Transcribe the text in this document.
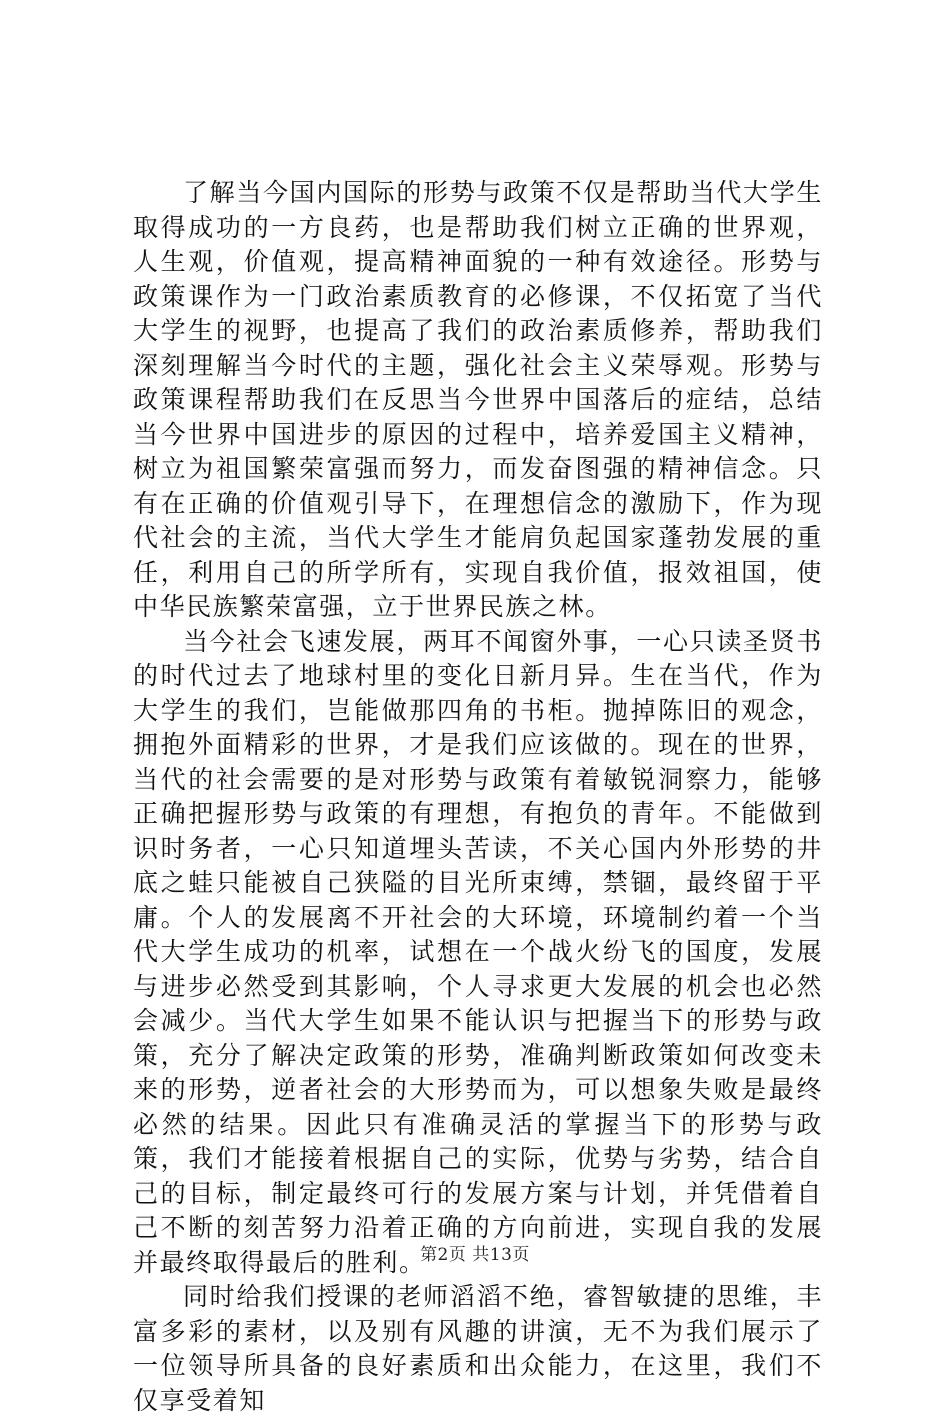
了解当今国内国际的形势与政策不仅是帮助当代大学生取得成功的一方良药，也是帮助我们树立正确的世界观，人生观，价值观，提高精神面貌的一种有效途径。形势与政策课作为一门政治素质教育的必修课，不仅拓宽了当代大学生的视野，也提高了我们的政治素质修养，帮助我们深刻理解当今时代的主题，强化社会主义荣辱观。形势与政策课程帮助我们在反思当今世界中国落后的症结，总结当今世界中国进步的原因的过程中，培养爱国主义精神，树立为祖国繁荣富强而努力，而发奋图强的精神信念。只有在正确的价值观引导下，在理想信念的激励下，作为现代社会的主流，当代大学生才能肩负起国家蓬勃发展的重任，利用自己的所学所有，实现自我价值，报效祖国，使中华民族繁荣富强，立于世界民族之林。

当今社会飞速发展，两耳不闻窗外事，一心只读圣贤书的时代过去了地球村里的变化日新月异。生在当代，作为大学生的我们，岂能做那四角的书柜。抛掉陈旧的观念，拥抱外面精彩的世界，才是我们应该做的。现在的世界，当代的社会需要的是对形势与政策有着敏锐洞察力，能够正确把握形势与政策的有理想，有抱负的青年。不能做到识时务者，一心只知道埋头苦读，不关心国内外形势的井底之蛙只能被自己狭隘的目光所束缚，禁锢，最终留于平庸。个人的发展离不开社会的大环境，环境制约着一个当代大学生成功的机率，试想在一个战火纷飞的国度，发展与进步必然受到其影响，个人寻求更大发展的机会也必然会减少。当代大学生如果不能认识与把握当下的形势与政策，充分了解决定政策的形势，准确判断政策如何改变未来的形势，逆者社会的大形势而为，可以想象失败是最终必然的结果。因此只有准确灵活的掌握当下的形势与政策，我们才能接着根据自己的实际，优势与劣势，结合自己的目标，制定最终可行的发展方案与计划，并凭借着自己不断的刻苦努力沿着正确的方向前进，实现自我的发展并最终取得最后的胜利。

同时给我们授课的老师滔滔不绝，睿智敏捷的思维，丰富多彩的素材，以及别有风趣的讲演，无不为我们展示了一位领导所具备的良好素质和出众能力，在这里，我们不仅享受着知

第2页 共13页
